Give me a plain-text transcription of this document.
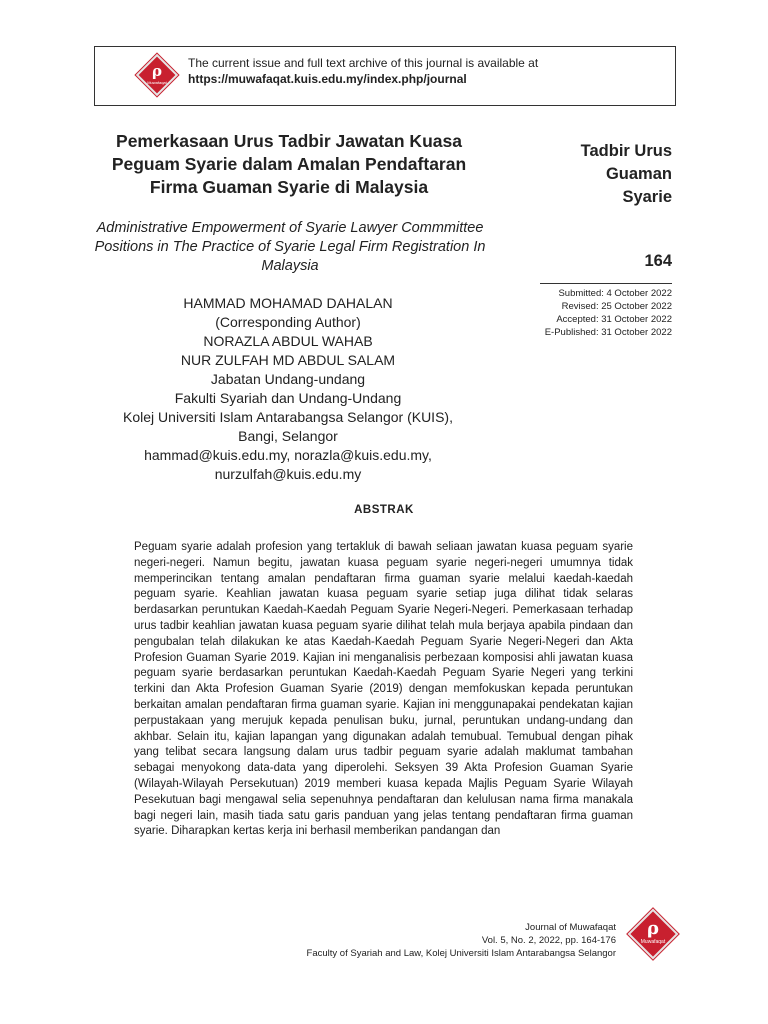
ρ
Muwafaqat
The current issue and full text archive of this journal is available at
https://muwafaqat.kuis.edu.my/index.php/journal
Pemerkasaan Urus Tadbir Jawatan Kuasa Peguam Syarie dalam Amalan Pendaftaran Firma Guaman Syarie di Malaysia
Administrative Empowerment of Syarie Lawyer Commmittee Positions in The Practice of Syarie Legal Firm Registration In Malaysia
Tadbir Urus Guaman Syarie
164
Submitted: 4 October 2022
Revised: 25 October 2022
Accepted: 31 October 2022
E-Published: 31 October 2022
HAMMAD MOHAMAD DAHALAN
(Corresponding Author)
NORAZLA ABDUL WAHAB
NUR ZULFAH MD ABDUL SALAM
Jabatan Undang-undang
Fakulti Syariah dan Undang-Undang
Kolej Universiti Islam Antarabangsa Selangor (KUIS),
Bangi, Selangor
hammad@kuis.edu.my, norazla@kuis.edu.my,
nurzulfah@kuis.edu.my
ABSTRAK
Peguam syarie adalah profesion yang tertakluk di bawah seliaan jawatan kuasa peguam syarie negeri-negeri. Namun begitu, jawatan kuasa peguam syarie negeri-negeri umumnya tidak memperincikan tentang amalan pendaftaran firma guaman syarie melalui kaedah-kaedah peguam syarie. Keahlian jawatan kuasa peguam syarie setiap juga dilihat tidak selaras berdasarkan peruntukan Kaedah-Kaedah Peguam Syarie Negeri-Negeri. Pemerkasaan terhadap urus tadbir keahlian jawatan kuasa peguam syarie dilihat telah mula berjaya apabila pindaan dan pengubalan telah dilakukan ke atas Kaedah-Kaedah Peguam Syarie Negeri-Negeri dan Akta Profesion Guaman Syarie 2019. Kajian ini menganalisis perbezaan komposisi ahli jawatan kuasa peguam syarie berdasarkan peruntukan Kaedah-Kaedah Peguam Syarie Negeri yang terkini terkini dan Akta Profesion Guaman Syarie (2019) dengan memfokuskan kepada peruntukan berkaitan amalan pendaftaran firma guaman syarie. Kajian ini menggunapakai pendekatan kajian perpustakaan yang merujuk kepada penulisan buku, jurnal, peruntukan undang-undang dan akhbar. Selain itu, kajian lapangan yang digunakan adalah temubual. Temubual dengan pihak yang telibat secara langsung dalam urus tadbir peguam syarie adalah maklumat tambahan sebagai menyokong data-data yang diperolehi. Seksyen 39 Akta Profesion Guaman Syarie (Wilayah-Wilayah Persekutuan) 2019 memberi kuasa kepada Majlis Peguam Syarie Wilayah Pesekutuan bagi mengawal selia sepenuhnya pendaftaran dan kelulusan nama firma manakala bagi negeri lain, masih tiada satu garis panduan yang jelas tentang pendaftaran firma guaman syarie. Diharapkan kertas kerja ini berhasil memberikan pandangan dan
Journal of Muwafaqat
Vol. 5, No. 2, 2022, pp. 164-176
Faculty of Syariah and Law, Kolej Universiti Islam Antarabangsa Selangor
ρ
Muwafaqat
